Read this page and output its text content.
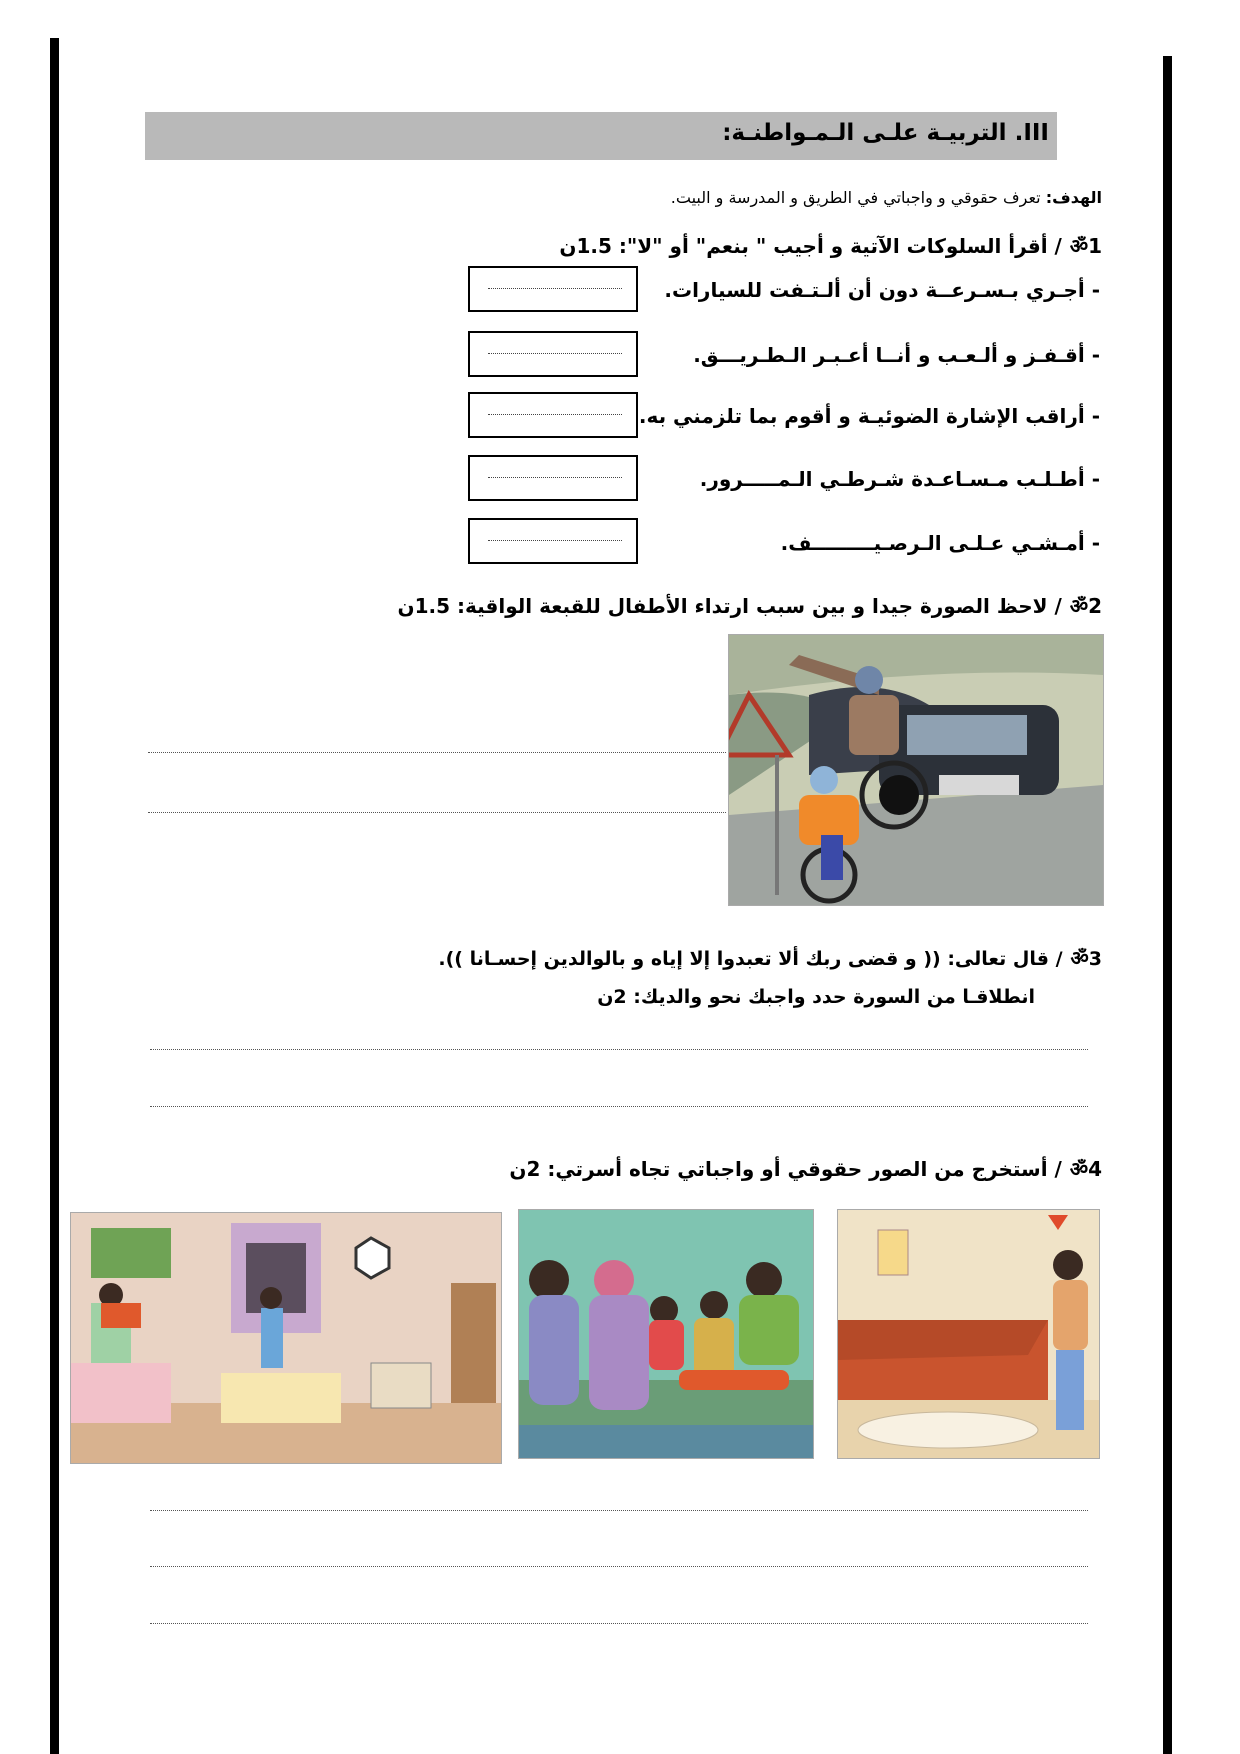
III. التربيـة علـى الـمـواطنـة:
الهدف: تعرف حقوقي و واجباتي في الطريق و المدرسة و البيت.
ॐ1/ أقرأ السلوكات الآتية و أجيب " بنعم" أو "لا": 1.5ن
- أجـري بـسـرعــة دون أن ألـتـفت للسيارات.
- أقـفـز و ألـعـب و أنــا أعـبـر الـطـريـــق.
- أراقب الإشارة الضوئيـة و أقوم بما تلزمني به.
- أطـلـب مـسـاعـدة شـرطـي الـمـــــرور.
- أمـشـي عـلـى الـرصـيـــــــــف.
ॐ2/ لاحظ الصورة جيدا و بين سبب ارتداء الأطفال للقبعة الواقية: 1.5ن
ॐ3/ قال تعالى: (( و قضى ربك ألا تعبدوا إلا إياه و بالوالدين إحسـانا )).
انطلاقـا من السورة حدد واجبك نحو والديك: 2ن
ॐ4/ أستخرج من الصور حقوقي أو واجباتي تجاه أسرتي: 2ن
